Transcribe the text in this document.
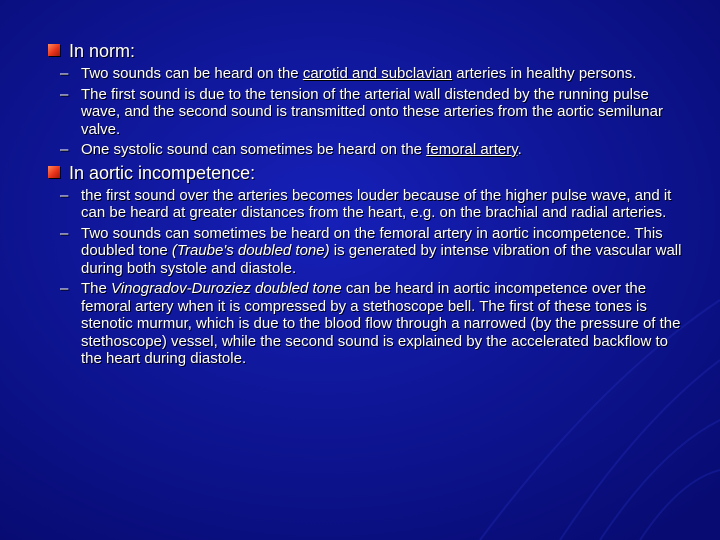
In norm:
– Two sounds can be heard on the carotid and subclavian arteries in healthy persons.
– The first sound is due to the tension of the arterial wall distended by the running pulse wave, and the second sound is transmitted onto these arteries from the aortic semilunar valve.
– One systolic sound can sometimes be heard on the femoral artery.
In aortic incompetence:
– the first sound over the arteries becomes louder because of the higher pulse wave, and it can be heard at greater distances from the heart, e.g. on the brachial and radial arteries.
– Two sounds can sometimes be heard on the femoral artery in aortic incompetence. This doubled tone (Traube's doubled tone) is generated by intense vibration of the vascular wall during both systole and diastole.
– The Vinogradov-Duroziez doubled tone can be heard in aortic incompetence over the femoral artery when it is compressed by a stethoscope bell. The first of these tones is stenotic murmur, which is due to the blood flow through a narrowed (by the pressure of the stethoscope) vessel, while the second sound is explained by the accelerated backflow to the heart during diastole.
